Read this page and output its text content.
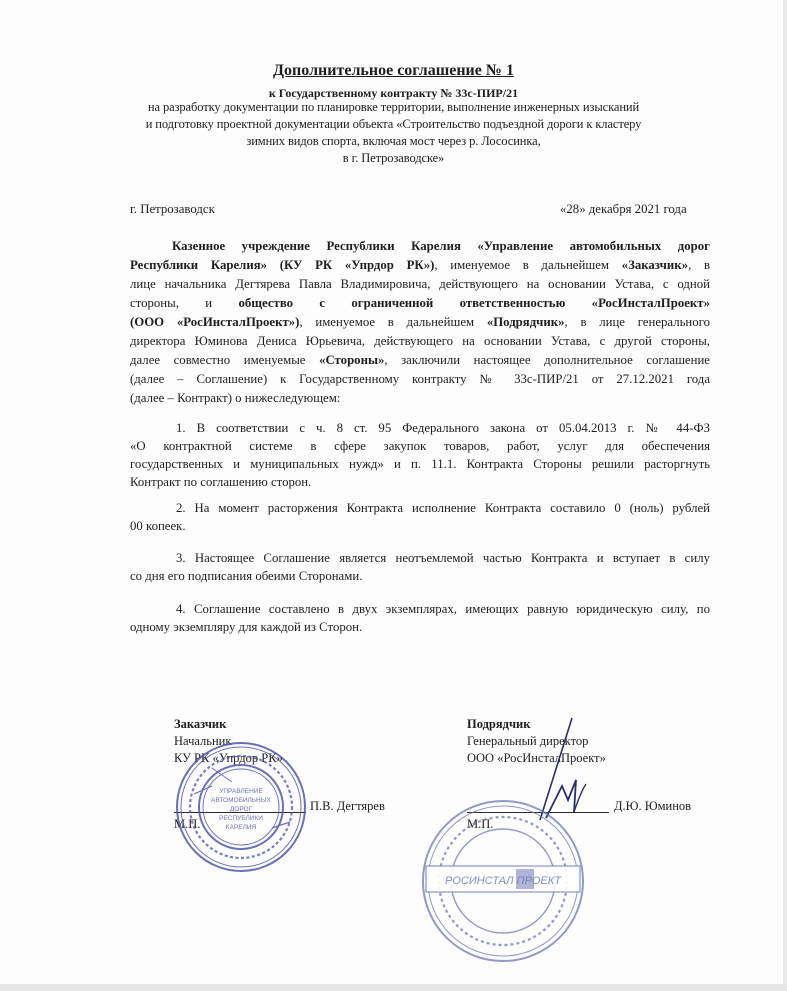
Дополнительное соглашение № 1
к Государственному контракту № 33с-ПИР/21
на разработку документации по планировке территории, выполнение инженерных изысканий
и подготовку проектной документации объекта «Строительство подъездной дороги к кластеру
зимних видов спорта, включая мост через р. Лососинка,
в г. Петрозаводске»
г. Петрозаводск	«28» декабря 2021 года
Казенное учреждение Республики Карелия «Управление автомобильных дорог
Республики Карелия» (КУ РК «Упрдор РК»), именуемое в дальнейшем «Заказчик», в
лице начальника Дегтярева Павла Владимировича, действующего на основании Устава, с одной
стороны, и общество с ограниченной ответственностью «РосИнсталПроект»
(ООО «РосИнсталПроект»), именуемое в дальнейшем «Подрядчик», в лице генерального
директора Юминова Дениса Юрьевича, действующего на основании Устава, с другой стороны,
далее совместно именуемые «Стороны», заключили настоящее дополнительное соглашение
(далее – Соглашение) к Государственному контракту № 33с-ПИР/21 от 27.12.2021 года
(далее – Контракт) о нижеследующем:
1. В соответствии с ч. 8 ст. 95 Федерального закона от 05.04.2013 г. № 44-ФЗ
«О контрактной системе в сфере закупок товаров, работ, услуг для обеспечения
государственных и муниципальных нужд» и п. 11.1. Контракта Стороны решили расторгнуть
Контракт по соглашению сторон.
2. На момент расторжения Контракта исполнение Контракта составило 0 (ноль) рублей
00 копеек.
3. Настоящее Соглашение является неотъемлемой частью Контракта и вступает в силу
со дня его подписания обеими Сторонами.
4. Соглашение составлено в двух экземплярах, имеющих равную юридическую силу, по
одному экземпляру для каждой из Сторон.
Заказчик
Начальник
КУ РК «Упрдор РК»
П.В. Дегтярев
М.П.
Подрядчик
Генеральный директор
ООО «РосИнсталПроект»
Д.Ю. Юминов
М.П.
УПРАВЛЕНИЕ
АВТОМОБИЛЬНЫХ
ДОРОГ
РЕСПУБЛИКИ
КАРЕЛИЯ
РОСИНСТАЛ ПРОЕКТ
